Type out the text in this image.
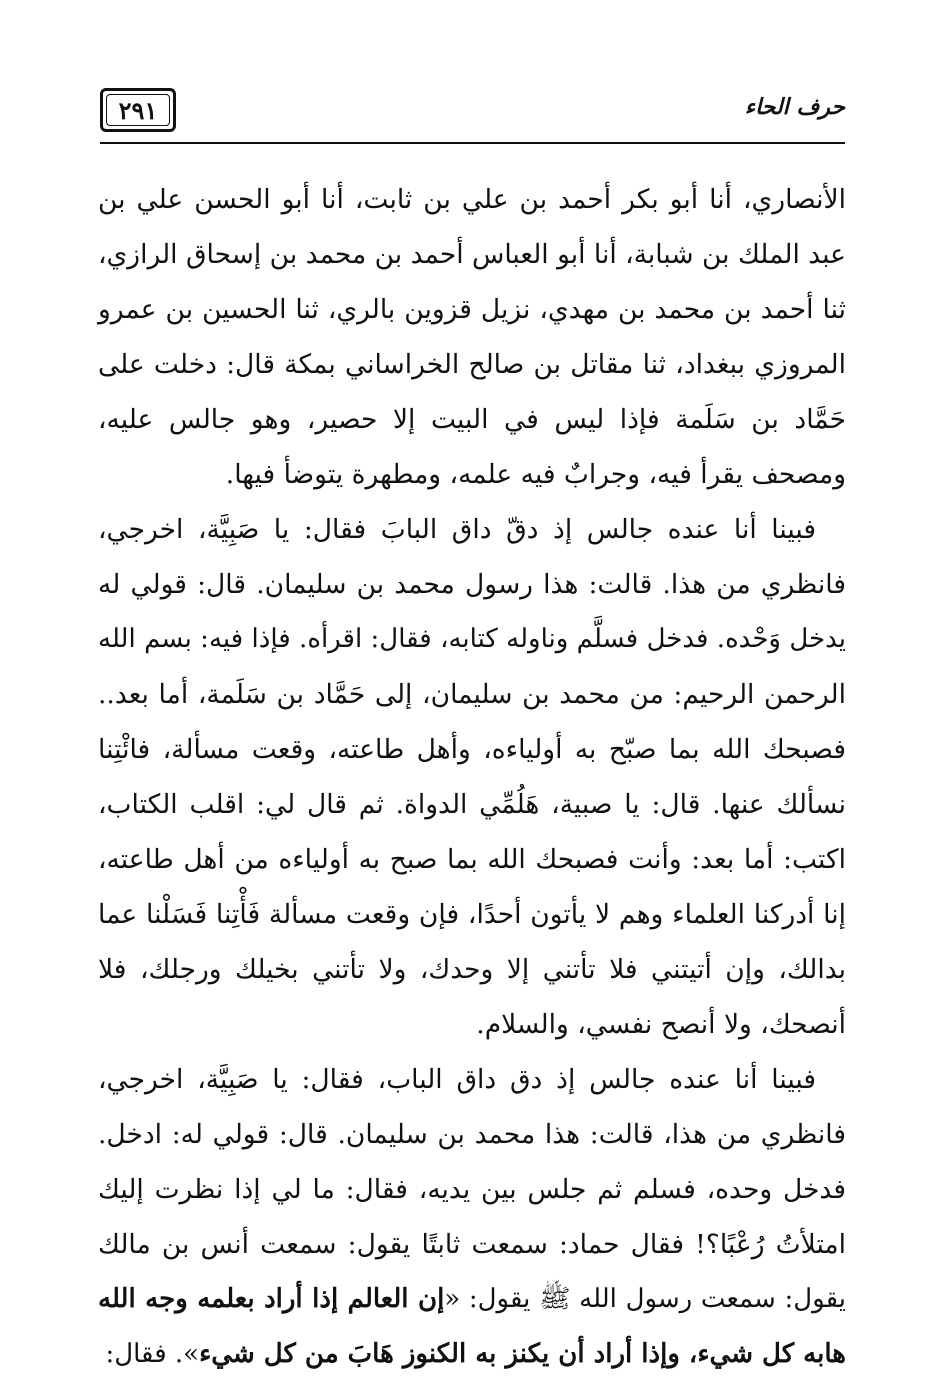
٢٩١	حرف الحاء
الأنصاري، أنا أبو بكر أحمد بن علي بن ثابت، أنا أبو الحسن علي بن
عبد الملك بن شبابة، أنا أبو العباس أحمد بن محمد بن إسحاق الرازي،
ثنا أحمد بن محمد بن مهدي، نزيل قزوين بالري، ثنا الحسين بن عمرو
المروزي ببغداد، ثنا مقاتل بن صالح الخراساني بمكة قال: دخلت على
حَمَّاد بن سَلَمة فإذا ليس في البيت إلا حصير، وهو جالس عليه،
ومصحف يقرأ فيه، وجرابٌ فيه علمه، ومطهرة يتوضأ فيها.
فبينا أنا عنده جالس إذ دقّ داق البابَ فقال: يا صَبِيَّة، اخرجي،
فانظري من هذا. قالت: هذا رسول محمد بن سليمان. قال: قولي له
يدخل وَحْده. فدخل فسلَّم وناوله كتابه، فقال: اقرأه. فإذا فيه: بسم الله
الرحمن الرحيم: من محمد بن سليمان، إلى حَمَّاد بن سَلَمة، أما بعد..
فصبحك الله بما صبّح به أولياءه، وأهل طاعته، وقعت مسألة، فائْتِنا
نسألك عنها. قال: يا صبية، هَلُمِّي الدواة. ثم قال لي: اقلب الكتاب،
اكتب: أما بعد: وأنت فصبحك الله بما صبح به أولياءه من أهل طاعته،
إنا أدركنا العلماء وهم لا يأتون أحدًا، فإن وقعت مسألة فَأْتِنا فَسَلْنا عما
بدالك، وإن أتيتني فلا تأتني إلا وحدك، ولا تأتني بخيلك ورجلك، فلا
أنصحك، ولا أنصح نفسي، والسلام.
فبينا أنا عنده جالس إذ دق داق الباب، فقال: يا صَبِيَّة، اخرجي،
فانظري من هذا، قالت: هذا محمد بن سليمان. قال: قولي له: ادخل.
فدخل وحده، فسلم ثم جلس بين يديه، فقال: ما لي إذا نظرت إليك
امتلأتُ رُعْبًا؟! فقال حماد: سمعت ثابتًا يقول: سمعت أنس بن مالك
يقول: سمعت رسول الله ﷺ يقول: «إن العالم إذا أراد بعلمه وجه الله
هابه كل شيء، وإذا أراد أن يكنز به الكنوز هَابَ من كل شيء». فقال:
